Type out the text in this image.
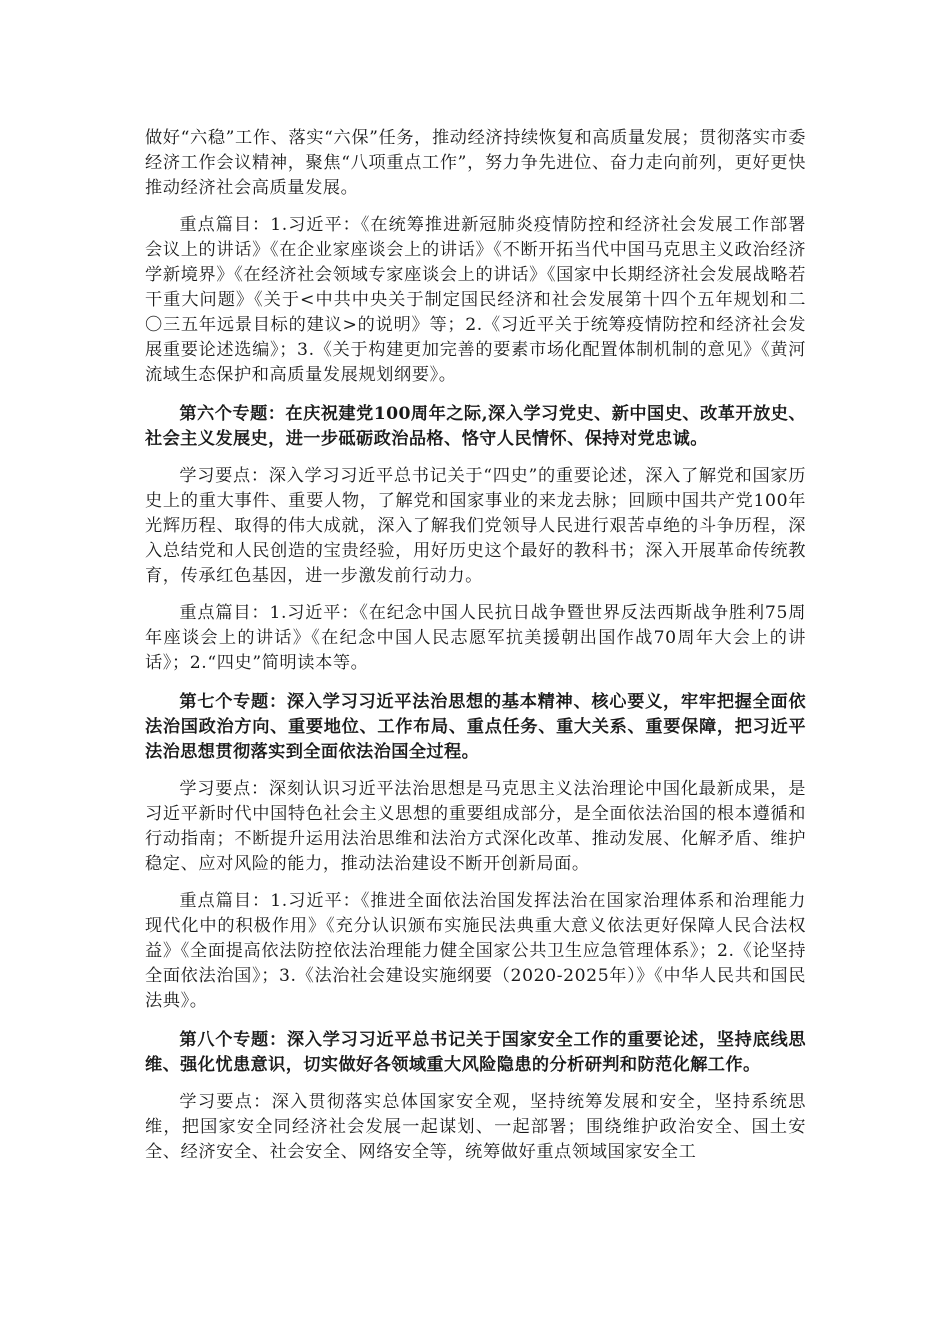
做好“六稳”工作、落实“六保”任务，推动经济持续恢复和高质量发展；贯彻落实市委经济工作会议精神，聚焦“八项重点工作”，努力争先进位、奋力走向前列，更好更快推动经济社会高质量发展。

重点篇目：1.习近平：《在统筹推进新冠肺炎疫情防控和经济社会发展工作部署会议上的讲话》《在企业家座谈会上的讲话》《不断开拓当代中国马克思主义政治经济学新境界》《在经济社会领域专家座谈会上的讲话》《国家中长期经济社会发展战略若干重大问题》《关于<中共中央关于制定国民经济和社会发展第十四个五年规划和二〇三五年远景目标的建议>的说明》等；2.《习近平关于统筹疫情防控和经济社会发展重要论述选编》；3.《关于构建更加完善的要素市场化配置体制机制的意见》《黄河流域生态保护和高质量发展规划纲要》。

第六个专题：在庆祝建党100周年之际,深入学习党史、新中国史、改革开放史、社会主义发展史，进一步砥砺政治品格、恪守人民情怀、保持对党忠诚。

学习要点：深入学习习近平总书记关于“四史”的重要论述，深入了解党和国家历史上的重大事件、重要人物，了解党和国家事业的来龙去脉；回顾中国共产党100年光辉历程、取得的伟大成就，深入了解我们党领导人民进行艰苦卓绝的斗争历程，深入总结党和人民创造的宝贵经验，用好历史这个最好的教科书；深入开展革命传统教育，传承红色基因，进一步激发前行动力。

重点篇目：1.习近平：《在纪念中国人民抗日战争暨世界反法西斯战争胜利75周年座谈会上的讲话》《在纪念中国人民志愿军抗美援朝出国作战70周年大会上的讲话》；2.“四史”简明读本等。

第七个专题：深入学习习近平法治思想的基本精神、核心要义，牢牢把握全面依法治国政治方向、重要地位、工作布局、重点任务、重大关系、重要保障，把习近平法治思想贯彻落实到全面依法治国全过程。

学习要点：深刻认识习近平法治思想是马克思主义法治理论中国化最新成果，是习近平新时代中国特色社会主义思想的重要组成部分，是全面依法治国的根本遵循和行动指南；不断提升运用法治思维和法治方式深化改革、推动发展、化解矛盾、维护稳定、应对风险的能力，推动法治建设不断开创新局面。

重点篇目：1.习近平：《推进全面依法治国发挥法治在国家治理体系和治理能力现代化中的积极作用》《充分认识颁布实施民法典重大意义依法更好保障人民合法权益》《全面提高依法防控依法治理能力健全国家公共卫生应急管理体系》；2.《论坚持全面依法治国》；3.《法治社会建设实施纲要（2020-2025年）》《中华人民共和国民法典》。

第八个专题：深入学习习近平总书记关于国家安全工作的重要论述，坚持底线思维、强化忧患意识，切实做好各领域重大风险隐患的分析研判和防范化解工作。

学习要点：深入贯彻落实总体国家安全观，坚持统筹发展和安全，坚持系统思维，把国家安全同经济社会发展一起谋划、一起部署；围绕维护政治安全、国土安全、经济安全、社会安全、网络安全等，统筹做好重点领域国家安全工
